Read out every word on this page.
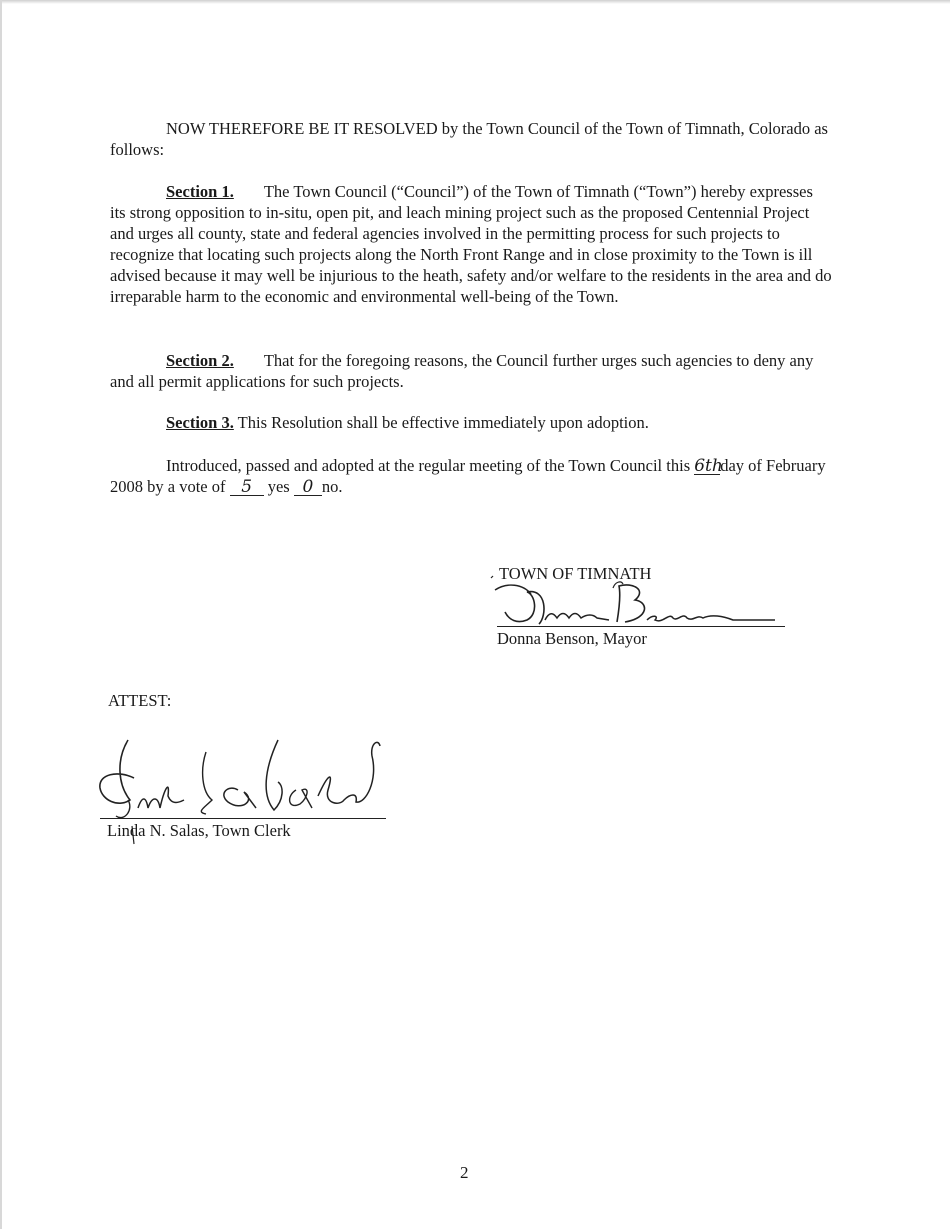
NOW THEREFORE BE IT RESOLVED by the Town Council of the Town of Timnath, Colorado as follows:

Section 1. The Town Council (“Council”) of the Town of Timnath (“Town”) hereby expresses its strong opposition to in-situ, open pit, and leach mining project such as the proposed Centennial Project and urges all county, state and federal agencies involved in the permitting process for such projects to recognize that locating such projects along the North Front Range and in close proximity to the Town is ill advised because it may well be injurious to the heath, safety and/or welfare to the residents in the area and do irreparable harm to the economic and environmental well-being of the Town.

Section 2. That for the foregoing reasons, the Council further urges such agencies to deny any and all permit applications for such projects.

Section 3. This Resolution shall be effective immediately upon adoption.

Introduced, passed and adopted at the regular meeting of the Town Council this 6thday of February 2008 by a vote of 5 yes 0 no.

TOWN OF TIMNATH

Donna Benson, Mayor

ATTEST:

Linda N. Salas, Town Clerk

2
